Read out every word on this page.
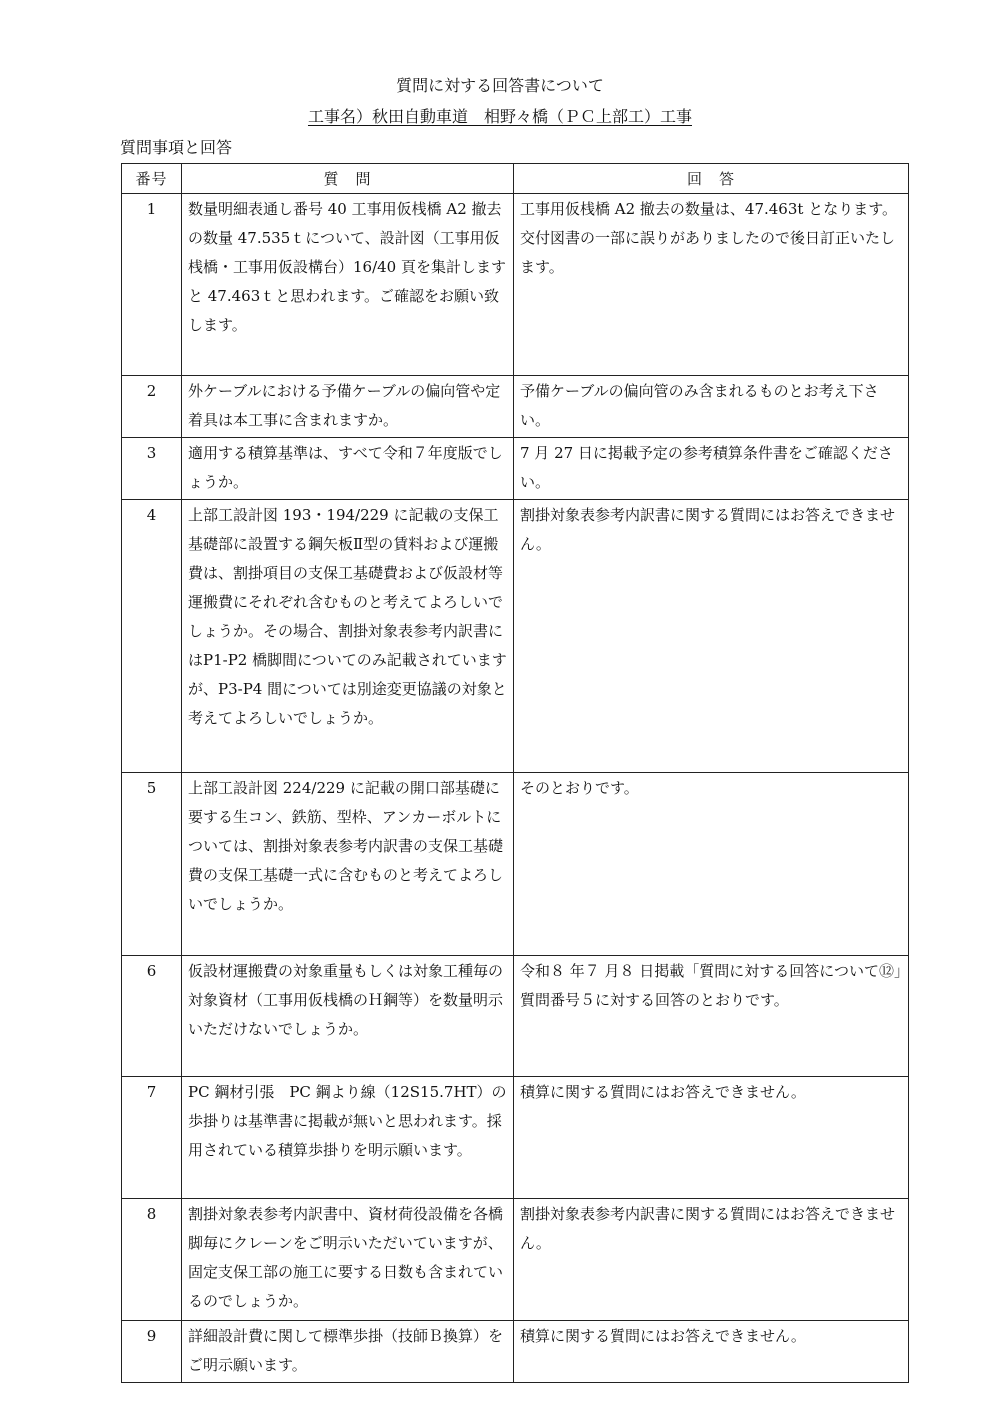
質問に対する回答書について
工事名）秋田自動車道　相野々橋（ＰＣ上部工）工事
質問事項と回答
番号	質　問	回　答
1	数量明細表通し番号 40 工事用仮桟橋 A2 撤去の数量 47.535ｔについて、設計図（工事用仮桟橋・工事用仮設構台）16/40 頁を集計しますと 47.463ｔと思われます。ご確認をお願い致します。	工事用仮桟橋 A2 撤去の数量は、47.463t となります。交付図書の一部に誤りがありましたので後日訂正いたします。
2	外ケーブルにおける予備ケーブルの偏向管や定着具は本工事に含まれますか。	予備ケーブルの偏向管のみ含まれるものとお考え下さい。
3	適用する積算基準は、すべて令和７年度版でしょうか。	7 月 27 日に掲載予定の参考積算条件書をご確認ください。
4	上部工設計図 193・194/229 に記載の支保工基礎部に設置する鋼矢板Ⅱ型の賃料および運搬費は、割掛項目の支保工基礎費および仮設材等運搬費にそれぞれ含むものと考えてよろしいでしょうか。その場合、割掛対象表参考内訳書にはP1-P2 橋脚間についてのみ記載されていますが、P3-P4 間については別途変更協議の対象と考えてよろしいでしょうか。	割掛対象表参考内訳書に関する質問にはお答えできません。
5	上部工設計図 224/229 に記載の開口部基礎に要する生コン、鉄筋、型枠、アンカーボルトについては、割掛対象表参考内訳書の支保工基礎費の支保工基礎一式に含むものと考えてよろしいでしょうか。	そのとおりです。
6	仮設材運搬費の対象重量もしくは対象工種毎の対象資材（工事用仮桟橋のＨ鋼等）を数量明示いただけないでしょうか。	令和８ 年７ 月８ 日掲載「質問に対する回答について⑫」質問番号５に対する回答のとおりです。
7	PC 鋼材引張　PC 鋼より線（12S15.7HT）の歩掛りは基準書に掲載が無いと思われます。採用されている積算歩掛りを明示願います。	積算に関する質問にはお答えできません。
8	割掛対象表参考内訳書中、資材荷役設備を各橋脚毎にクレーンをご明示いただいていますが、固定支保工部の施工に要する日数も含まれているのでしょうか。	割掛対象表参考内訳書に関する質問にはお答えできません。
9	詳細設計費に関して標準歩掛（技師Ｂ換算）をご明示願います。	積算に関する質問にはお答えできません。
